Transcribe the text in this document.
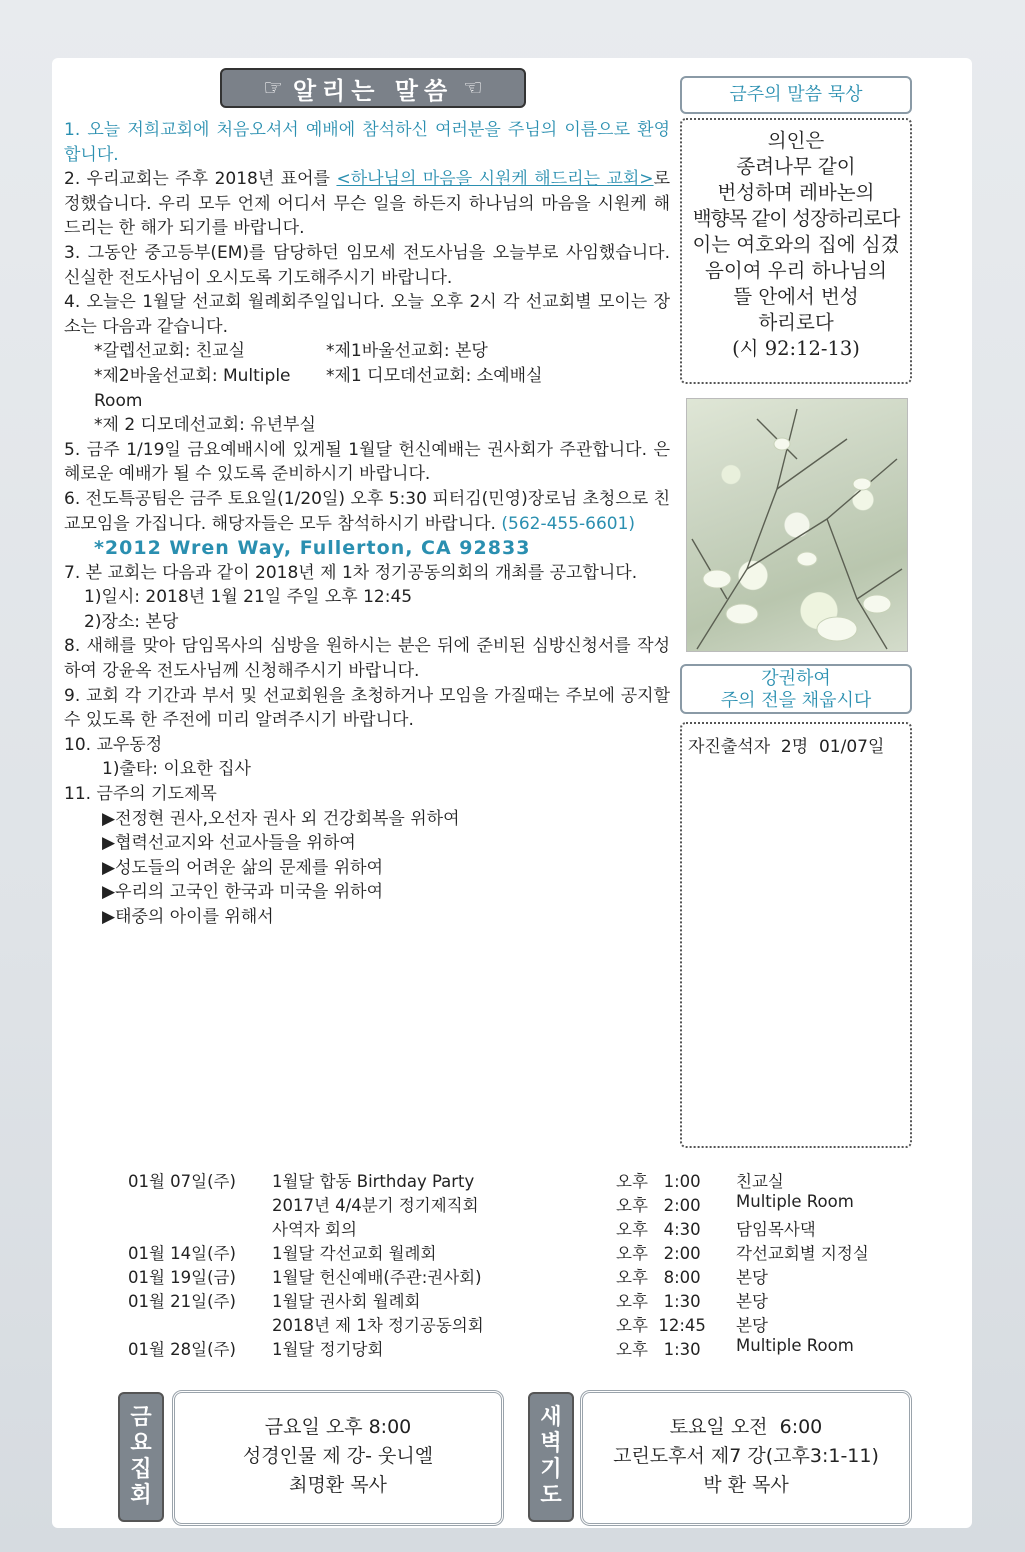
☞ 알리는 말씀 ☜
1. 오늘 저희교회에 처음오셔서 예배에 참석하신 여러분을 주님의 이름으로 환영합니다.
2. 우리교회는 주후 2018년 표어를 <하나님의 마음을 시원케 해드리는 교회>로 정했습니다. 우리 모두 언제 어디서 무슨 일을 하든지 하나님의 마음을 시원케 해드리는 한 해가 되기를 바랍니다.
3. 그동안 중고등부(EM)를 담당하던 임모세 전도사님을 오늘부로 사임했습니다. 신실한 전도사님이 오시도록 기도해주시기 바랍니다.
4. 오늘은 1월달 선교회 월례회주일입니다. 오늘 오후 2시 각 선교회별 모이는 장소는 다음과 같습니다.
*갈렙선교회: 친교실	*제1바울선교회: 본당
*제2바울선교회: Multiple Room
*제1 디모데선교회: 소예배실
*제 2 디모데선교회: 유년부실
5. 금주 1/19일 금요예배시에 있게될 1월달 헌신예배는 권사회가 주관합니다. 은혜로운 예배가 될 수 있도록 준비하시기 바랍니다.
6. 전도특공팀은 금주 토요일(1/20일) 오후 5:30 피터김(민영)장로님 초청으로 친교모임을 가집니다. 해당자들은 모두 참석하시기 바랍니다. (562-455-6601)
*2012 Wren Way, Fullerton, CA 92833
7. 본 교회는 다음과 같이 2018년 제 1차 정기공동의회의 개최를 공고합니다.
1)일시: 2018년 1월 21일 주일 오후 12:45
2)장소: 본당
8. 새해를 맞아 담임목사의 심방을 원하시는 분은 뒤에 준비된 심방신청서를 작성하여 강윤옥 전도사님께 신청해주시기 바랍니다.
9. 교회 각 기간과 부서 및 선교회원을 초청하거나 모임을 가질때는 주보에 공지할 수 있도록 한 주전에 미리 알려주시기 바랍니다.
10. 교우동정
1)출타: 이요한 집사
11. 금주의 기도제목
▶전정현 권사,오선자 권사 외 건강회복을 위하여
▶협력선교지와 선교사들을 위하여
▶성도들의 어려운 삶의 문제를 위하여
▶우리의 고국인 한국과 미국을 위하여
▶태중의 아이를 위해서
금주의 말씀 묵상
의인은
종려나무 같이
번성하며 레바논의
백향목 같이 성장하리로다
이는 여호와의 집에 심겼
음이여 우리 하나님의
뜰 안에서 번성
하리로다
(시 92:12-13)
강권하여
주의 전을 채웁시다
자진출석자  2명  01/07일
01월 07일(주) 1월달 합동 Birthday Party	오후   1:00 친교실
2017년 4/4분기 정기제직회	오후   2:00 Multiple Room
사역자 회의	오후   4:30 담임목사댁
01월 14일(주) 1월달 각선교회 월례회	오후   2:00 각선교회별 지정실
01월 19일(금) 1월달 헌신예배(주관:권사회)	오후   8:00 본당
01월 21일(주) 1월달 권사회 월례회	오후   1:30 본당
2018년 제 1차 정기공동의회	오후  12:45 본당
01월 28일(주) 1월달 정기당회	오후   1:30 Multiple Room
금요집회
금요일 오후 8:00
성경인물 제 강- 웃니엘
최명환 목사
새벽기도
토요일 오전  6:00
고린도후서 제7 강(고후3:1-11)
박 환 목사
